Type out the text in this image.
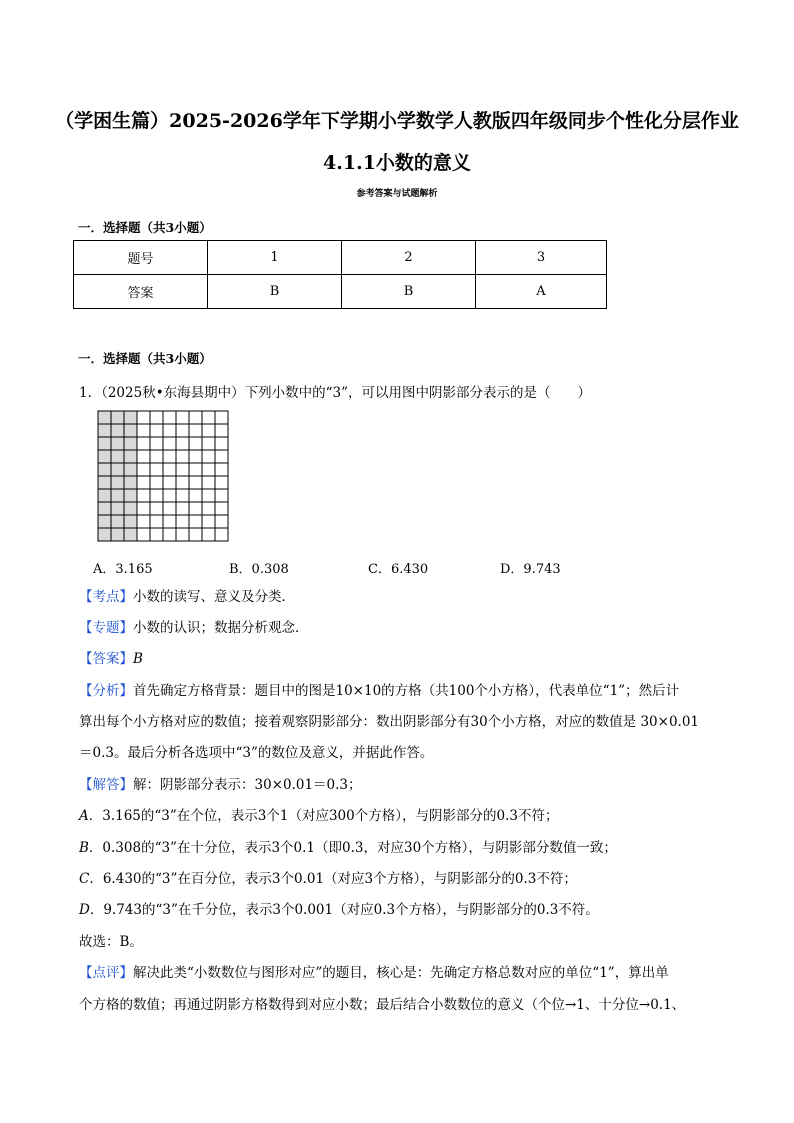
（学困生篇）2025-2026学年下学期小学数学人教版四年级同步个性化分层作业4.1.1小数的意义
参考答案与试题解析
一．选择题（共3小题）
题号	1	2	3
答案	B	B	A
一．选择题（共3小题）
1．（2025秋•东海县期中）下列小数中的“3”，可以用图中阴影部分表示的是（　　）
A．3.165	B．0.308	C．6.430	D．9.743
【考点】小数的读写、意义及分类．
【专题】小数的认识；数据分析观念．
【答案】B
【分析】首先确定方格背景：题目中的图是10×10的方格（共100个小方格），代表单位“1”；然后计
算出每个小方格对应的数值；接着观察阴影部分：数出阴影部分有30个小方格，对应的数值是 30×0.01
＝0.3。最后分析各选项中“3”的数位及意义，并据此作答。
【解答】解：阴影部分表示：30×0.01＝0.3；
A．3.165的“3”在个位，表示3个1（对应300个方格），与阴影部分的0.3不符；
B．0.308的“3”在十分位，表示3个0.1（即0.3，对应30个方格），与阴影部分数值一致；
C．6.430的“3”在百分位，表示3个0.01（对应3个方格），与阴影部分的0.3不符；
D．9.743的“3”在千分位，表示3个0.001（对应0.3个方格），与阴影部分的0.3不符。
故选：B。
【点评】解决此类“小数数位与图形对应”的题目，核心是：先确定方格总数对应的单位“1”，算出单
个方格的数值；再通过阴影方格数得到对应小数；最后结合小数数位的意义（个位→1、十分位→0.1、
